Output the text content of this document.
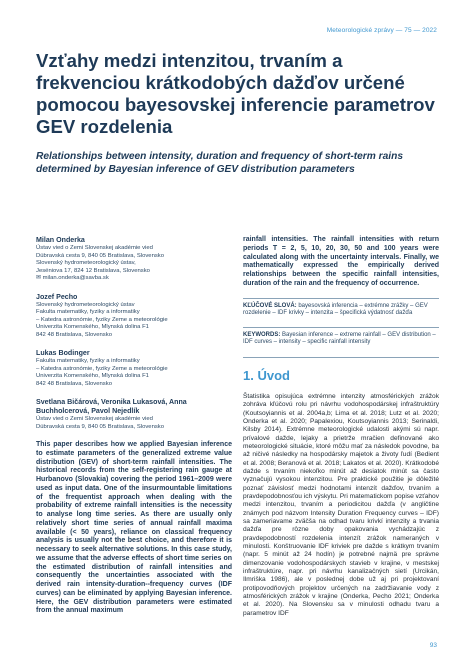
Meteorologické zprávy — 75 — 2022
Vzťahy medzi intenzitou, trvaním a frekvenciou krátkodobých dažďov určené pomocou bayesovskej inferencie parametrov GEV rozdelenia
Relationships between intensity, duration and frequency of short-term rains determined by Bayesian inference of GEV distribution parameters
Milan Onderka
Ústav vied o Zemi Slovenskej akadémie vied
Dúbravská cesta 9, 840 05 Bratislava, Slovensko
Slovenský hydrometeorologický ústav,
Jeséniova 17, 824 12 Bratislava, Slovensko
✉ milan.onderka@savba.sk
Jozef Pecho
Slovenský hydrometeorologický ústav
Fakulta matematiky, fyziky a informatiky
– Katedra astronómie, fyziky Zeme a meteorológie
Univerzita Komenského, Mlynská dolina F1
842 48 Bratislava, Slovensko
Lukas Bodinger
Fakulta matematiky, fyziky a informatiky
– Katedra astronómie, fyziky Zeme a meteorológie
Univerzita Komenského, Mlynská dolina F1
842 48 Bratislava, Slovensko
Svetlana Bičárová, Veronika Lukasová, Anna Buchholcerová, Pavol Nejedlík
Ústav vied o Zemi Slovenskej akadémie vied
Dúbravská cesta 9, 840 05 Bratislava, Slovensko

This paper describes how we applied Bayesian inference to estimate parameters of the generalized extreme value distribution (GEV) of short-term rainfall intensities. The historical records from the self-registering rain gauge at Hurbanovo (Slovakia) covering the period 1961–2009 were used as input data. One of the insurmountable limitations of the frequentist approach when dealing with the probability of extreme rainfall intensities is the necessity to analyse long time series. As there are usually only relatively short time series of annual rainfall maxima available (< 50 years), reliance on classical frequency analysis is usually not the best choice, and therefore it is necessary to seek alternative solutions. In this case study, we assume that the adverse effects of short time series on the estimated distribution of rainfall intensities and consequently the uncertainties associated with the derived rain intensity-duration--frequency curves (IDF curves) can be eliminated by applying Bayesian inference. Here, the GEV distribution parameters were estimated from the annual maximum

rainfall intensities. The rainfall intensities with return periods T = 2, 5, 10, 20, 30, 50 and 100 years were calculated along with the uncertainty intervals. Finally, we mathematically expressed the empirically derived relationships between the specific rainfall intensities, duration of the rain and the frequency of occurrence.

KĽÚČOVÉ SLOVÁ: bayesovská inferencia – extrémne zrážky – GEV rozdelenie – IDF krivky – intenzita – špecifická výdatnosť dažďa

KEYWORDS: Bayesian inference – extreme rainfall – GEV distribution – IDF curves – intensity – specific rainfall intensity

1. Úvod

Štatistika opisujúca extrémne intenzity atmosférických zrážok zohráva kľúčovú rolu pri návrhu vodohospodárskej infraštruktúry (Koutsoyiannis et al. 2004a,b; Lima et al. 2018; Lutz et al. 2020; Onderka et al. 2020; Papalexiou, Koutsoyiannis 2013; Serinaldi, Kilsby 2014). Extrémne meteorologické udalosti akými sú napr. prívalové dažde, lejaky a prietrže mračien definované ako meteorologické situácie, ktoré môžu mať za následok povodne, ba až ničivé následky na hospodársky majetok a životy ľudí (Bedient et al. 2008; Beranová et al. 2018; Lakatos et al. 2020). Krátkodobé dažde s trvaním niekoľko minút až desiatok minút sa často vyznačujú vysokou intenzitou. Pre praktické použitie je dôležité poznať závislosť medzi hodnotami intenzít dažďov, trvaním a pravdepodobnosťou ich výskytu. Pri matematickom popise vzťahov medzi intenzitou, trvaním a periodicitou dažďa (v angličtine známych pod názvom Intensity Duration Frequency curves – IDF) sa zameriavame zväčša na odhad tvaru krivkí intenzity a trvania dažďa pre rôzne doby opakovania vychádzajúc z pravdepodobností rozdelenia intenzít zrážok nameraných v minulosti. Konštruovanie IDF kriviek pre dažde s krátkym trvaním (napr. 5 minút až 24 hodín) je potrebné najmä pre správne dimenzovanie vodohospodárskych stavieb v krajine, v mestskej infraštruktúre, napr. pri návrhu kanalizačných sietí (Urcikán, Ilmriška 1986), ale v poslednej dobe už aj pri projektovaní protipovodňových projektov určených na zadržiavanie vody z atmosférických zrážok v krajine (Onderka, Pecho 2021; Onderka et al. 2020). Na Slovensku sa v minulosti odhadu tvaru a parametrov IDF

93
